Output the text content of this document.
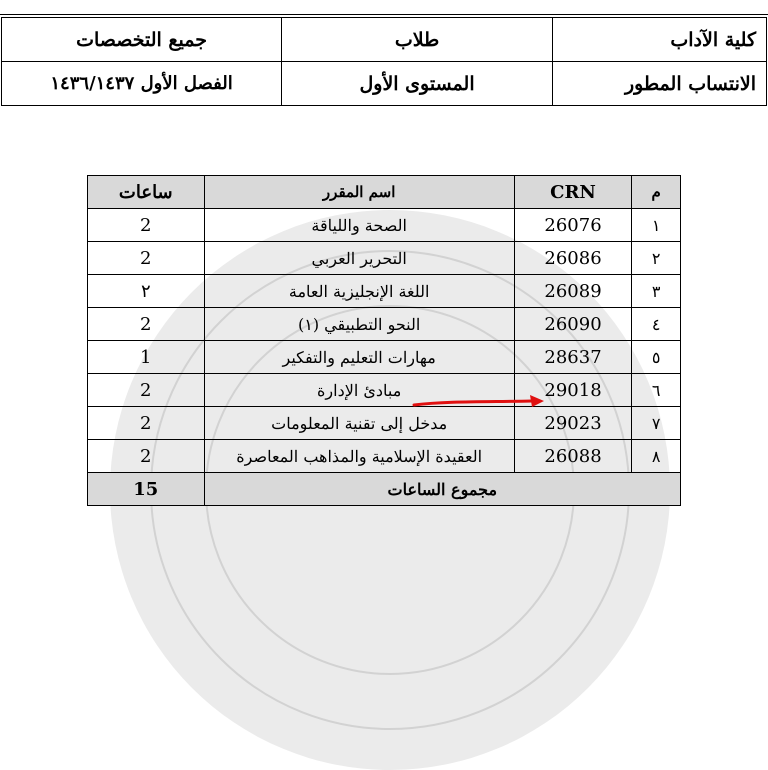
كلية الآداب	طلاب	جميع التخصصات
الانتساب المطور	المستوى الأول	الفصل الأول ١٤٣٦/١٤٣٧
م	CRN	اسم المقرر	ساعات
١	26076	الصحة واللياقة	2
٢	26086	التحرير العربي	2
٣	26089	اللغة الإنجليزية العامة	٢
٤	26090	النحو التطبيقي (١)	2
٥	28637	مهارات التعليم والتفكير	1
٦	29018	مبادئ الإدارة	2
٧	29023	مدخل إلى تقنية المعلومات	2
٨	26088	العقيدة الإسلامية والمذاهب المعاصرة	2
مجموع الساعات			15
